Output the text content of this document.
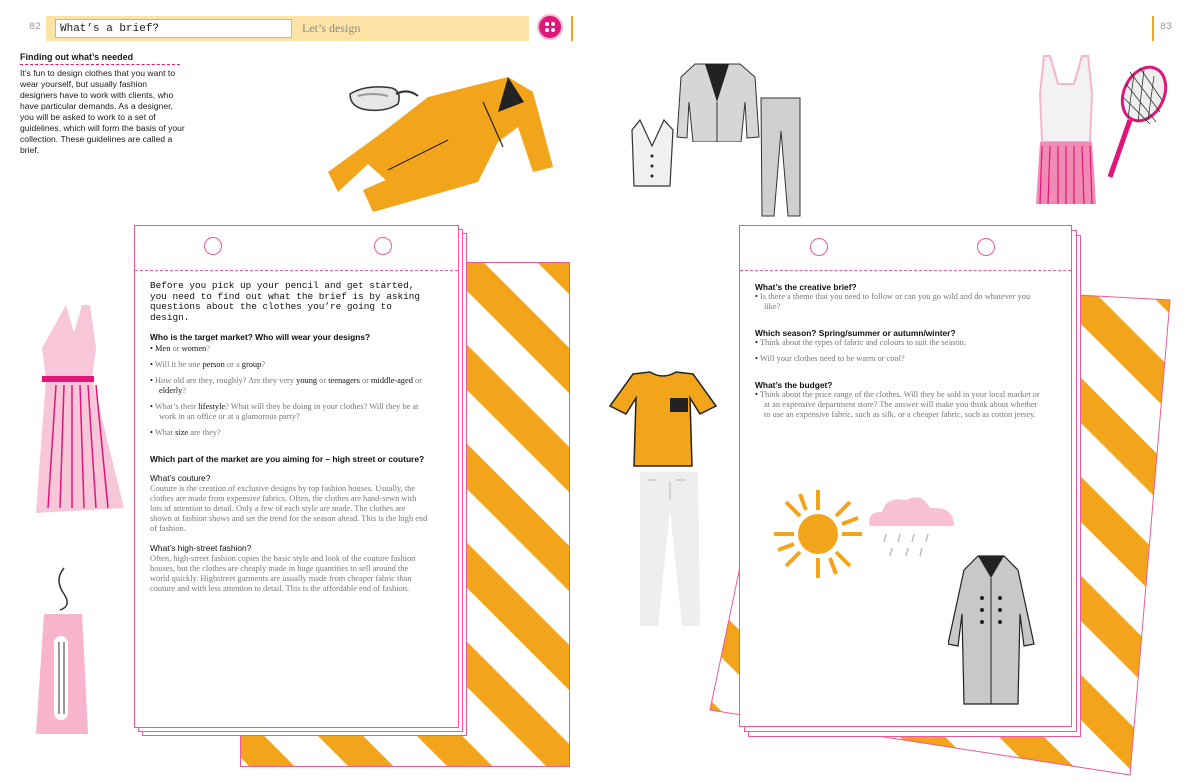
82	What’s a brief?	Let’s design	83
Finding out what’s needed
It’s fun to design clothes that you want to wear yourself, but usually fashion designers have to work with clients, who have particular demands. As a designer, you will be asked to work to a set of guidelines, which will form the basis of your collection. These guidelines are called a brief.

Before you pick up your pencil and get started, you need to find out what the brief is by asking questions about the clothes you’re going to design.

Who is the target market? Who will wear your designs?

• Men or women?

• Will it be one person or a group?

• How old are they, roughly? Are they very young or teenagers or middle-aged or elderly?

• What’s their lifestyle? What will they be doing in your clothes? Will they be at work in an office or at a glamorous party?

• What size are they?

Which part of the market are you aiming for – high street or couture?

What’s couture?

Couture is the creation of exclusive designs by top fashion houses. Usually, the clothes are made from expensive fabrics. Often, the clothes are hand-sewn with lots of attention to detail. Only a few of each style are made. The clothes are shown at fashion shows and set the trend for the season ahead. This is the high end of fashion.

What’s high-street fashion?

Often, high-street fashion copies the basic style and look of the couture fashion houses, but the clothes are cheaply made in huge quantities to sell around the world quickly. Highstreet garments are usually made from cheaper fabric than couture and with less attention to detail. This is the affordable end of fashion.

What’s the creative brief?

• Is there a theme that you need to follow or can you go wild and do whatever you like?

Which season? Spring/summer or autumn/winter?

• Think about the types of fabric and colours to suit the season.

• Will your clothes need to be warm or cool?

What’s the budget?

• Think about the price range of the clothes. Will they be sold in your local market or at an expensive department store? The answer will make you think about whether to use an expensive fabric, such as silk, or a cheaper fabric, such as cotton jersey.
